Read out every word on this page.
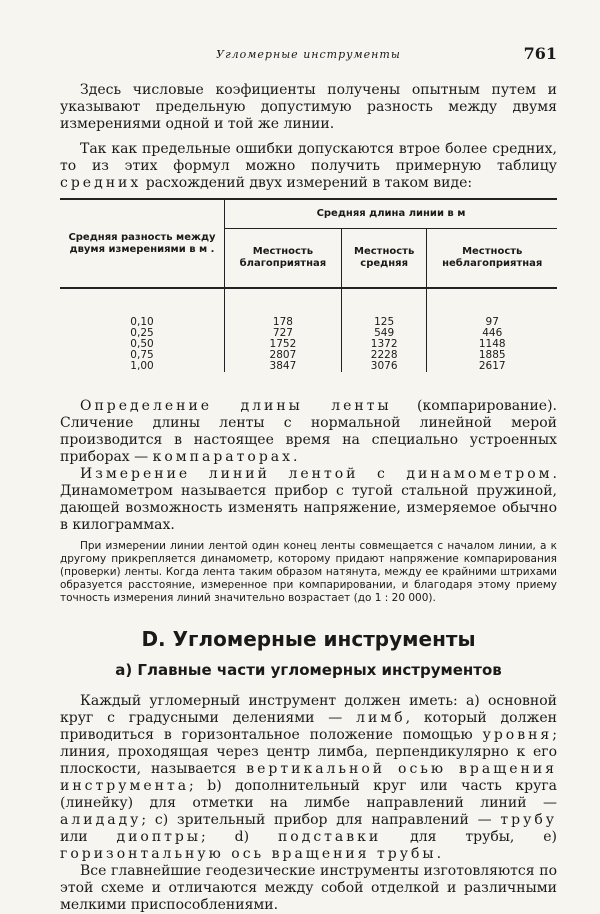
Угломерные инструменты	761

Здесь числовые коэфициенты получены опытным путем и указывают предельную допустимую разность между двумя измерениями одной и той же линии.

Так как предельные ошибки допускаются втрое более средних, то из этих формул можно получить примерную таблицу средних расхождений двух измерений в таком виде:

Средняя разность между двумя измерениями в м .	Средняя длина линии в м		
	Местность благоприятная	Местность средняя	Местность неблагоприятная
0,10	178	125	97
0,25	727	549	446
0,50	1752	1372	1148
0,75	2807	2228	1885
1,00	3847	3076	2617

Определение длины ленты (компарирование). Сличение длины ленты с нормальной линейной мерой производится в настоящее время на специально устроенных приборах — компараторах.

Измерение линий лентой с динамометром. Динамометром называется прибор с тугой стальной пружиной, дающей возможность изменять напряжение, измеряемое обычно в килограммах.

При измерении линии лентой один конец ленты совмещается с началом линии, а к другому прикрепляется динамометр, которому придают напряжение компарирования (проверки) ленты. Когда лента таким образом натянута, между ее крайними штрихами образуется расстояние, измеренное при компарировании, и благодаря этому приему точность измерения линий значительно возрастает (до 1 : 20 000).

D. Угломерные инструменты
a) Главные части угломерных инструментов

Каждый угломерный инструмент должен иметь: a) основной круг с градусными делениями — лимб, который должен приводиться в горизонтальное положение помощью уровня; линия, проходящая через центр лимба, перпендикулярно к его плоскости, называется вертикальной осью вращения инструмента; b) дополнительный круг или часть круга (линейку) для отметки на лимбе направлений линий — алидаду; c) зрительный прибор для направлений — трубу или диоптры; d) подставки для трубы, e) горизонтальную ось вращения трубы.

Все главнейшие геодезические инструменты изготовляются по этой схеме и отличаются между собой отделкой и различными мелкими приспособлениями.
